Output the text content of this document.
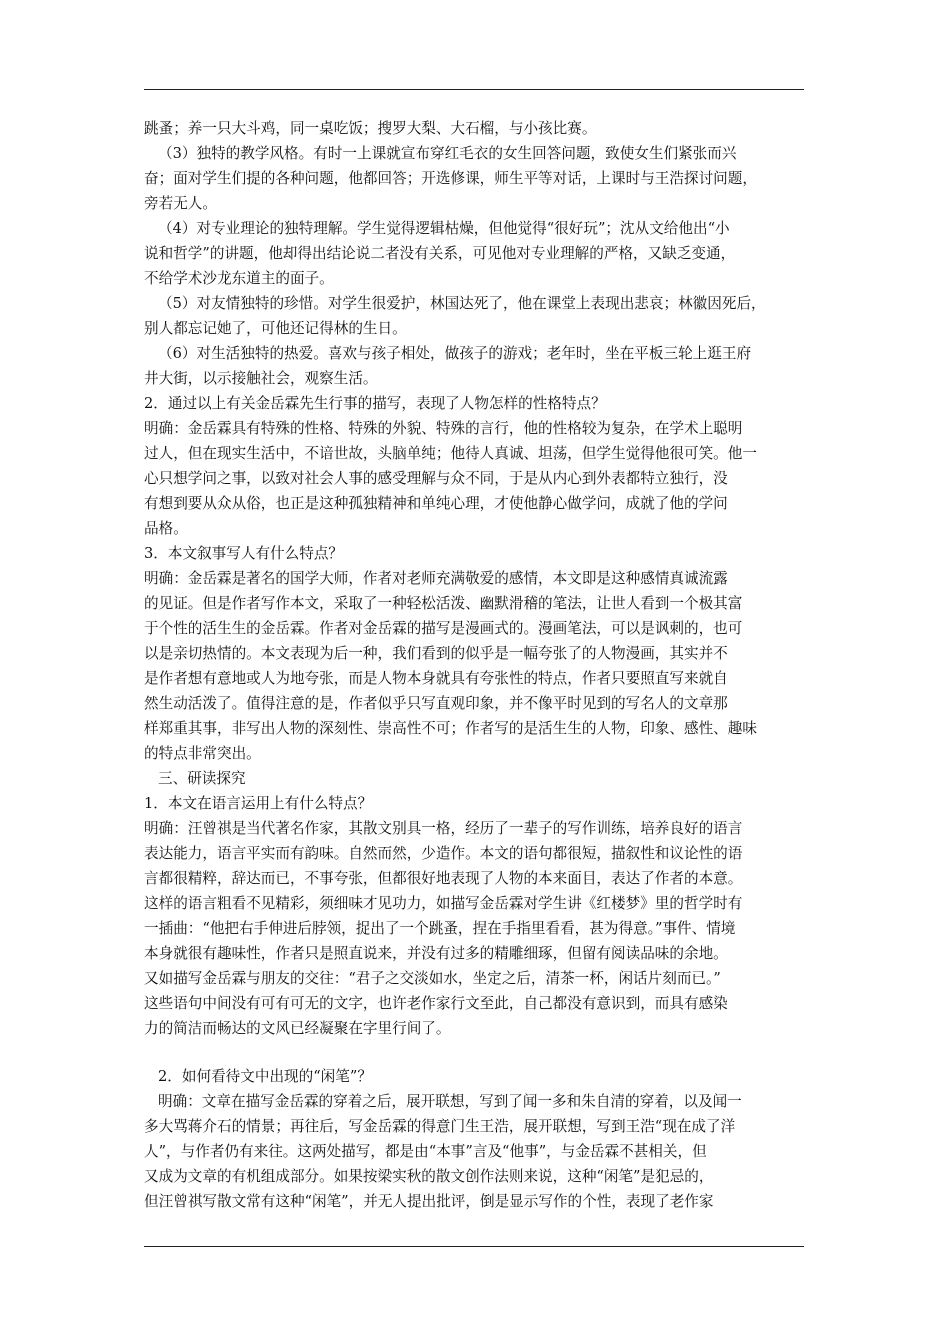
跳蚤；养一只大斗鸡，同一桌吃饭；搜罗大梨、大石榴，与小孩比赛。
（3）独特的教学风格。有时一上课就宣布穿红毛衣的女生回答问题，致使女生们紧张而兴
奋；面对学生们提的各种问题，他都回答；开选修课，师生平等对话，上课时与王浩探讨问题，
旁若无人。
（4）对专业理论的独特理解。学生觉得逻辑枯燥，但他觉得“很好玩”；沈从文给他出“小
说和哲学”的讲题，他却得出结论说二者没有关系，可见他对专业理解的严格，又缺乏变通，
不给学术沙龙东道主的面子。
（5）对友情独特的珍惜。对学生很爱护，林国达死了，他在课堂上表现出悲哀；林徽因死后，
别人都忘记她了，可他还记得林的生日。
（6）对生活独特的热爱。喜欢与孩子相处，做孩子的游戏；老年时，坐在平板三轮上逛王府
井大街，以示接触社会，观察生活。
2．通过以上有关金岳霖先生行事的描写，表现了人物怎样的性格特点？
明确：金岳霖具有特殊的性格、特殊的外貌、特殊的言行，他的性格较为复杂，在学术上聪明
过人，但在现实生活中，不谙世故，头脑单纯；他待人真诚、坦荡，但学生觉得他很可笑。他一
心只想学问之事，以致对社会人事的感受理解与众不同，于是从内心到外表都特立独行，没
有想到要从众从俗，也正是这种孤独精神和单纯心理，才使他静心做学问，成就了他的学问
品格。
3．本文叙事写人有什么特点？
明确：金岳霖是著名的国学大师，作者对老师充满敬爱的感情，本文即是这种感情真诚流露
的见证。但是作者写作本文，采取了一种轻松活泼、幽默滑稽的笔法，让世人看到一个极其富
于个性的活生生的金岳霖。作者对金岳霖的描写是漫画式的。漫画笔法，可以是讽刺的，也可
以是亲切热情的。本文表现为后一种，我们看到的似乎是一幅夸张了的人物漫画，其实并不
是作者想有意地或人为地夸张，而是人物本身就具有夸张性的特点，作者只要照直写来就自
然生动活泼了。值得注意的是，作者似乎只写直观印象，并不像平时见到的写名人的文章那
样郑重其事，非写出人物的深刻性、崇高性不可；作者写的是活生生的人物，印象、感性、趣味
的特点非常突出。
三、研读探究
1．本文在语言运用上有什么特点？
明确：汪曾祺是当代著名作家，其散文别具一格，经历了一辈子的写作训练，培养良好的语言
表达能力，语言平实而有韵味。自然而然，少造作。本文的语句都很短，描叙性和议论性的语
言都很精粹，辞达而已，不事夸张，但都很好地表现了人物的本来面目，表达了作者的本意。
这样的语言粗看不见精彩，须细味才见功力，如描写金岳霖对学生讲《红楼梦》里的哲学时有
一插曲：“他把右手伸进后脖领，捉出了一个跳蚤，捏在手指里看看，甚为得意。”事件、情境
本身就很有趣味性，作者只是照直说来，并没有过多的精雕细琢，但留有阅读品味的余地。
又如描写金岳霖与朋友的交往：“君子之交淡如水，坐定之后，清茶一杯，闲话片刻而已。”
这些语句中间没有可有可无的文字，也许老作家行文至此，自己都没有意识到，而具有感染
力的简洁而畅达的文风已经凝聚在字里行间了。
2．如何看待文中出现的“闲笔”？
明确：文章在描写金岳霖的穿着之后，展开联想，写到了闻一多和朱自清的穿着，以及闻一
多大骂蒋介石的情景；再往后，写金岳霖的得意门生王浩，展开联想，写到王浩“现在成了洋
人”，与作者仍有来往。这两处描写，都是由“本事”言及“他事”，与金岳霖不甚相关，但
又成为文章的有机组成部分。如果按梁实秋的散文创作法则来说，这种“闲笔”是犯忌的，
但汪曾祺写散文常有这种“闲笔”，并无人提出批评，倒是显示写作的个性，表现了老作家
